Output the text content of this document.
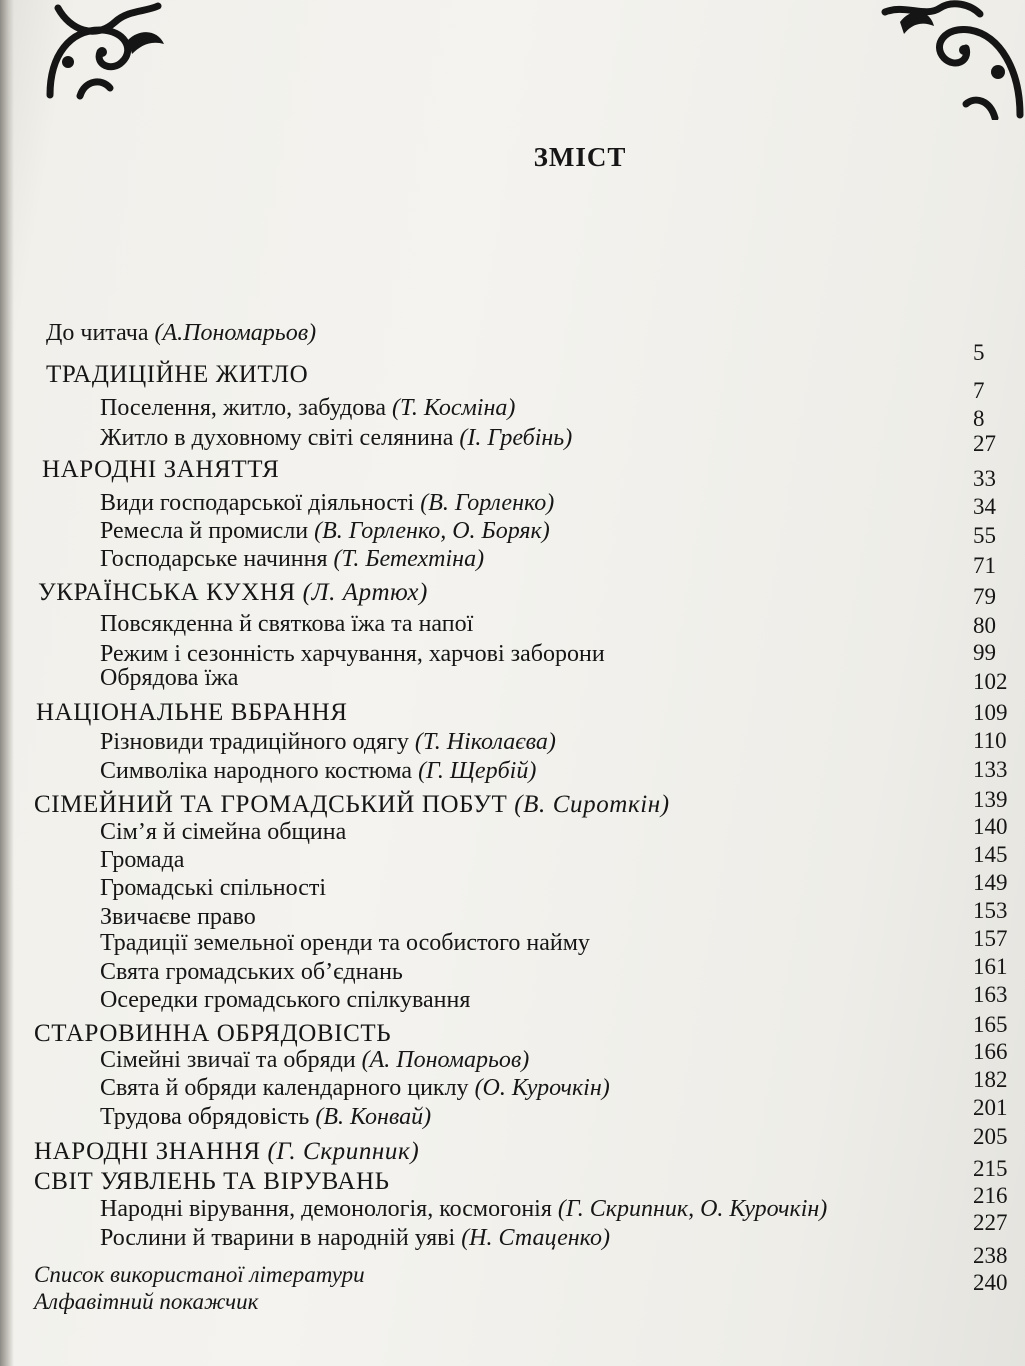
ЗМІСТ
До читача (А.Пономарьов)
ТРАДИЦІЙНЕ ЖИТЛО
Поселення, житло, забудова (Т. Косміна)
Житло в духовному світі селянина (І. Гребінь)
НАРОДНІ ЗАНЯТТЯ
Види господарської діяльності (В. Горленко)
Ремесла й промисли (В. Горленко, О. Боряк)
Господарське начиння (Т. Бетехтіна)
УКРАЇНСЬКА КУХНЯ (Л. Артюх)
Повсякденна й святкова їжа та напої
Режим і сезонність харчування, харчові заборони
Обрядова їжа
НАЦІОНАЛЬНЕ ВБРАННЯ
Різновиди традиційного одягу (Т. Ніколаєва)
Символіка народного костюма (Г. Щербій)
СІМЕЙНИЙ ТА ГРОМАДСЬКИЙ ПОБУТ (В. Сироткін)
Сім’я й сімейна община
Громада
Громадські спільності
Звичаєве право
Традиції земельної оренди та особистого найму
Свята громадських об’єднань
Осередки громадського спілкування
СТАРОВИННА ОБРЯДОВІСТЬ
Сімейні звичаї та обряди (А. Пономарьов)
Свята й обряди календарного циклу (О. Курочкін)
Трудова обрядовість (В. Конвай)
НАРОДНІ ЗНАННЯ (Г. Скрипник)
СВІТ УЯВЛЕНЬ ТА ВІРУВАНЬ
Народні вірування, демонологія, космогонія (Г. Скрипник, О. Курочкін)
Рослини й тварини в народній уяві (Н. Стаценко)
Список використаної літератури
Алфавітний покажчик
5
7
8
27
33
34
55
71
79
80
99
102
109
110
133
139
140
145
149
153
157
161
163
165
166
182
201
205
215
216
227
238
240
